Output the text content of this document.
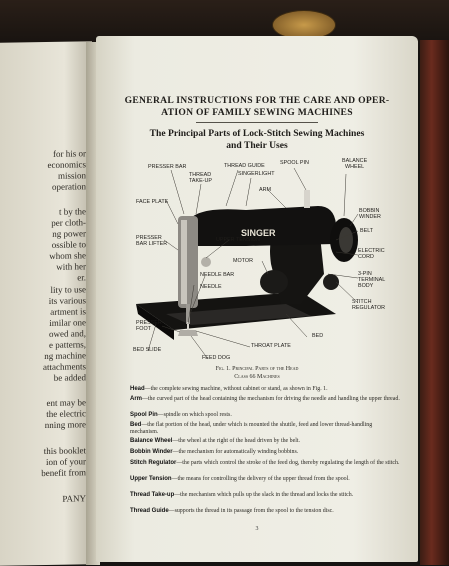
for his or
economics
mission
operation
t by the
per cloth-
ng power
ossible to
whom she
with her
er.
lity to use
its various
artment is
imilar one
owed and,
e patterns,
ng machine
attachments
be added
ent may be
the electric
nning more
this booklet
ion of your
benefit from
PANY
GENERAL INSTRUCTIONS FOR THE CARE AND OPER-
ATION OF FAMILY SEWING MACHINES
The Principal Parts of Lock-Stitch Sewing Machines
and Their Uses
SINGER
PRESSER BAR
THREAD
TAKE-UP
THREAD GUIDE
SINGERLIGHT
SPOOL PIN	BALANCE
WHEEL
ARM
FACE PLATE
BOBBIN
WINDER
BELT
PRESSER
BAR LIFTER
UPPER TENSION
ELECTRIC
CORD
MOTOR
3-PIN
TERMINAL
BODY
NEEDLE BAR
STITCH
REGULATOR
PRESSER
FOOT
NEEDLE
BED
BED SLIDE
THROAT PLATE
FEED DOG
Fig. 1. Principal Parts of the Head
Class 66 Machines
Head—the complete sewing machine, without cabinet or stand, as shown in Fig. 1.
Arm—the curved part of the head containing the mechanism for driving the needle and handling the upper thread.
Spool Pin—spindle on which spool rests.
Bed—the flat portion of the head, under which is mounted the shuttle, feed and lower thread-handling mechanism.
Balance Wheel—the wheel at the right of the head driven by the belt.
Bobbin Winder—the mechanism for automatically winding bobbins.
Stitch Regulator—the parts which control the stroke of the feed dog, thereby regulating the length of the stitch.
Upper Tension—the means for controlling the delivery of the upper thread from the spool.
Thread Take-up—the mechanism which pulls up the slack in the thread and locks the stitch.
Thread Guide—supports the thread in its passage from the spool to the tension disc.
3
